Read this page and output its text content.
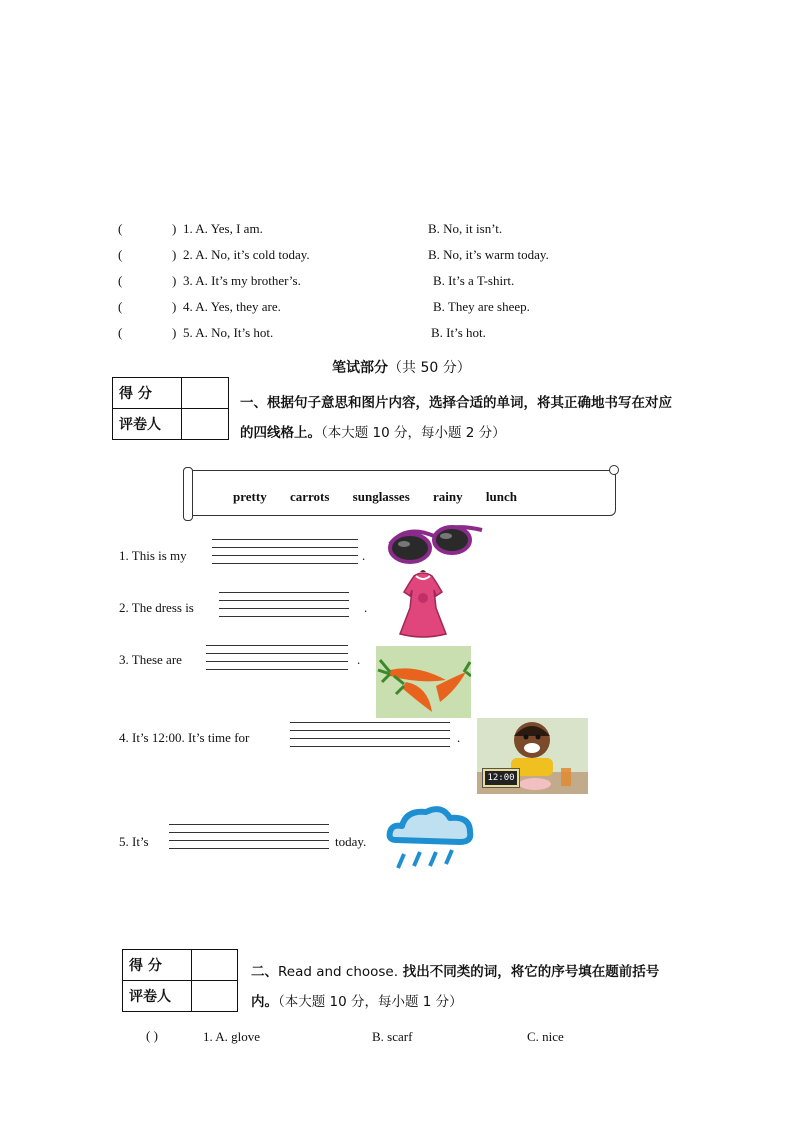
(	) 1. A. Yes, I am.	B. No, it isn’t.
(	) 2. A. No, it’s cold today.	B. No, it’s warm today.
(	) 3. A. It’s my brother’s.	B. It’s a T-shirt.
(	) 4. A. Yes, they are.	B. They are sheep.
(	) 5. A. No, It’s hot.	B. It’s hot.
笔试部分（共 50 分）
得 分	
评卷人	
一、根据句子意思和图片内容，选择合适的单词，将其正确地书写在对应的四线格上。（本大题 10 分，每小题 2 分）
pretty carrots sunglasses rainy lunch
1. This is my	.
2. The dress is	.
3. These are	.
4. It’s 12:00. It’s time for	.
12:00
5. It’s	today.
得 分	
评卷人	
二、Read and choose. 找出不同类的词，将它的序号填在题前括号内。（本大题 10 分，每小题 1 分）
( )	1. A. glove	B. scarf	C. nice
